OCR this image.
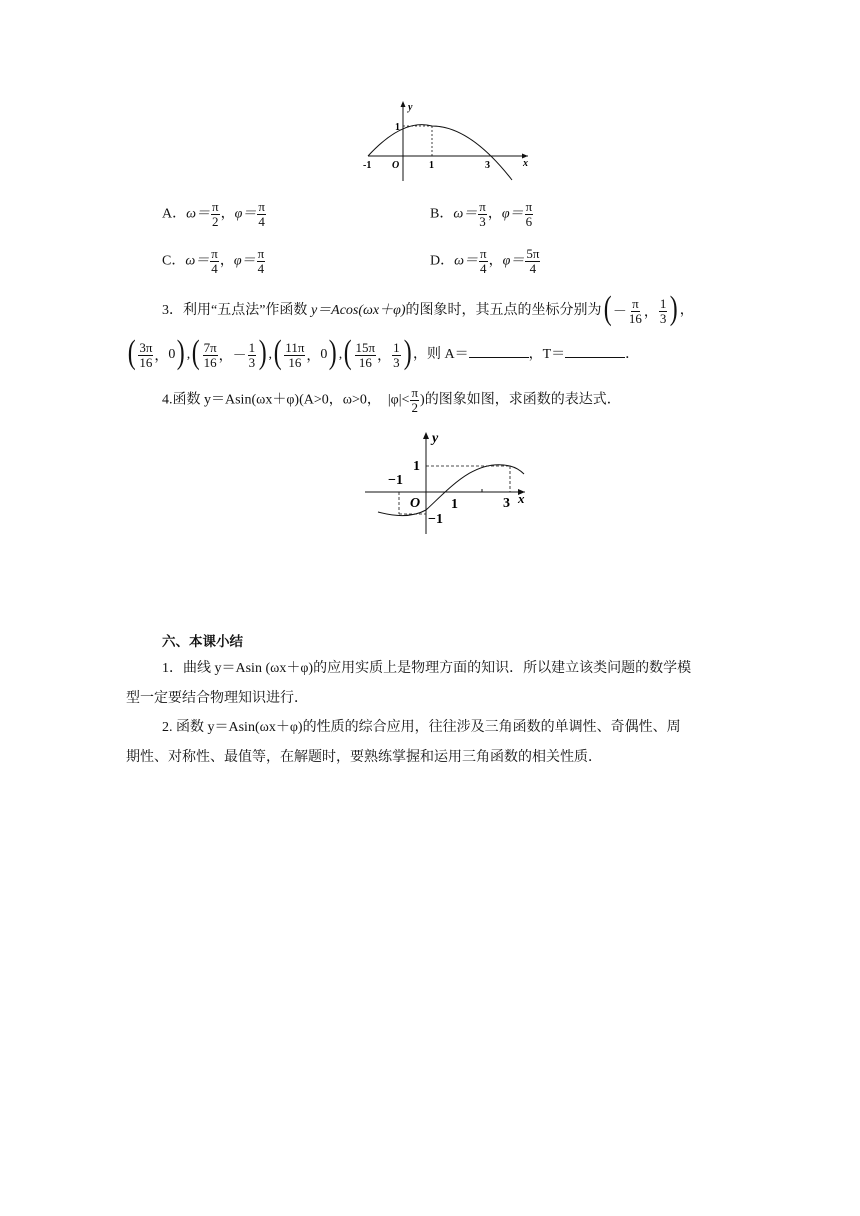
y
x
1
-1 O	1	3
A．$\omega= \frac{\pi}{2}$ ，$\varphi= \frac{\pi}{4}$	B．$\omega= \frac{\pi}{3}$ ，$\varphi= \frac{\pi}{6}$
C．$\omega= \frac{\pi}{4}$ ，$\varphi= \frac{\pi}{4}$	D．$\omega= \frac{\pi}{4}$ ，$\varphi= \frac{5\pi}{4}$
3．利用“五点法”作函数 y＝Acos(ωx＋φ)的图象时，其五点的坐标分别为 ( － $\frac{\pi}{16}$ ， $\frac{1}{3}$ ) ，
( $\frac{3\pi}{16}$ ， 0 ) , ( $\frac{7\pi}{16}$ ， － $\frac{1}{3}$ ) , ( $\frac{11\pi}{16}$ ， 0 ) , ( $\frac{15\pi}{16}$ ， $\frac{1}{3}$ ) ，则 A＝	，T＝	．
4.函数 y＝Asin(ωx＋φ)(A>0，ω>0， $|\varphi|< \frac{\pi}{2}$ )的图象如图，求函数的表达式．
y
x
1
−1
O 1	3
−1
六、本课小结
1．曲线 y＝Asin (ωx＋φ)的应用实质上是物理方面的知识．所以建立该类问题的数学模
型一定要结合物理知识进行．
2. 函数 y＝Asin(ωx＋φ)的性质的综合应用，往往涉及三角函数的单调性、奇偶性、周
期性、对称性、最值等，在解题时，要熟练掌握和运用三角函数的相关性质．
